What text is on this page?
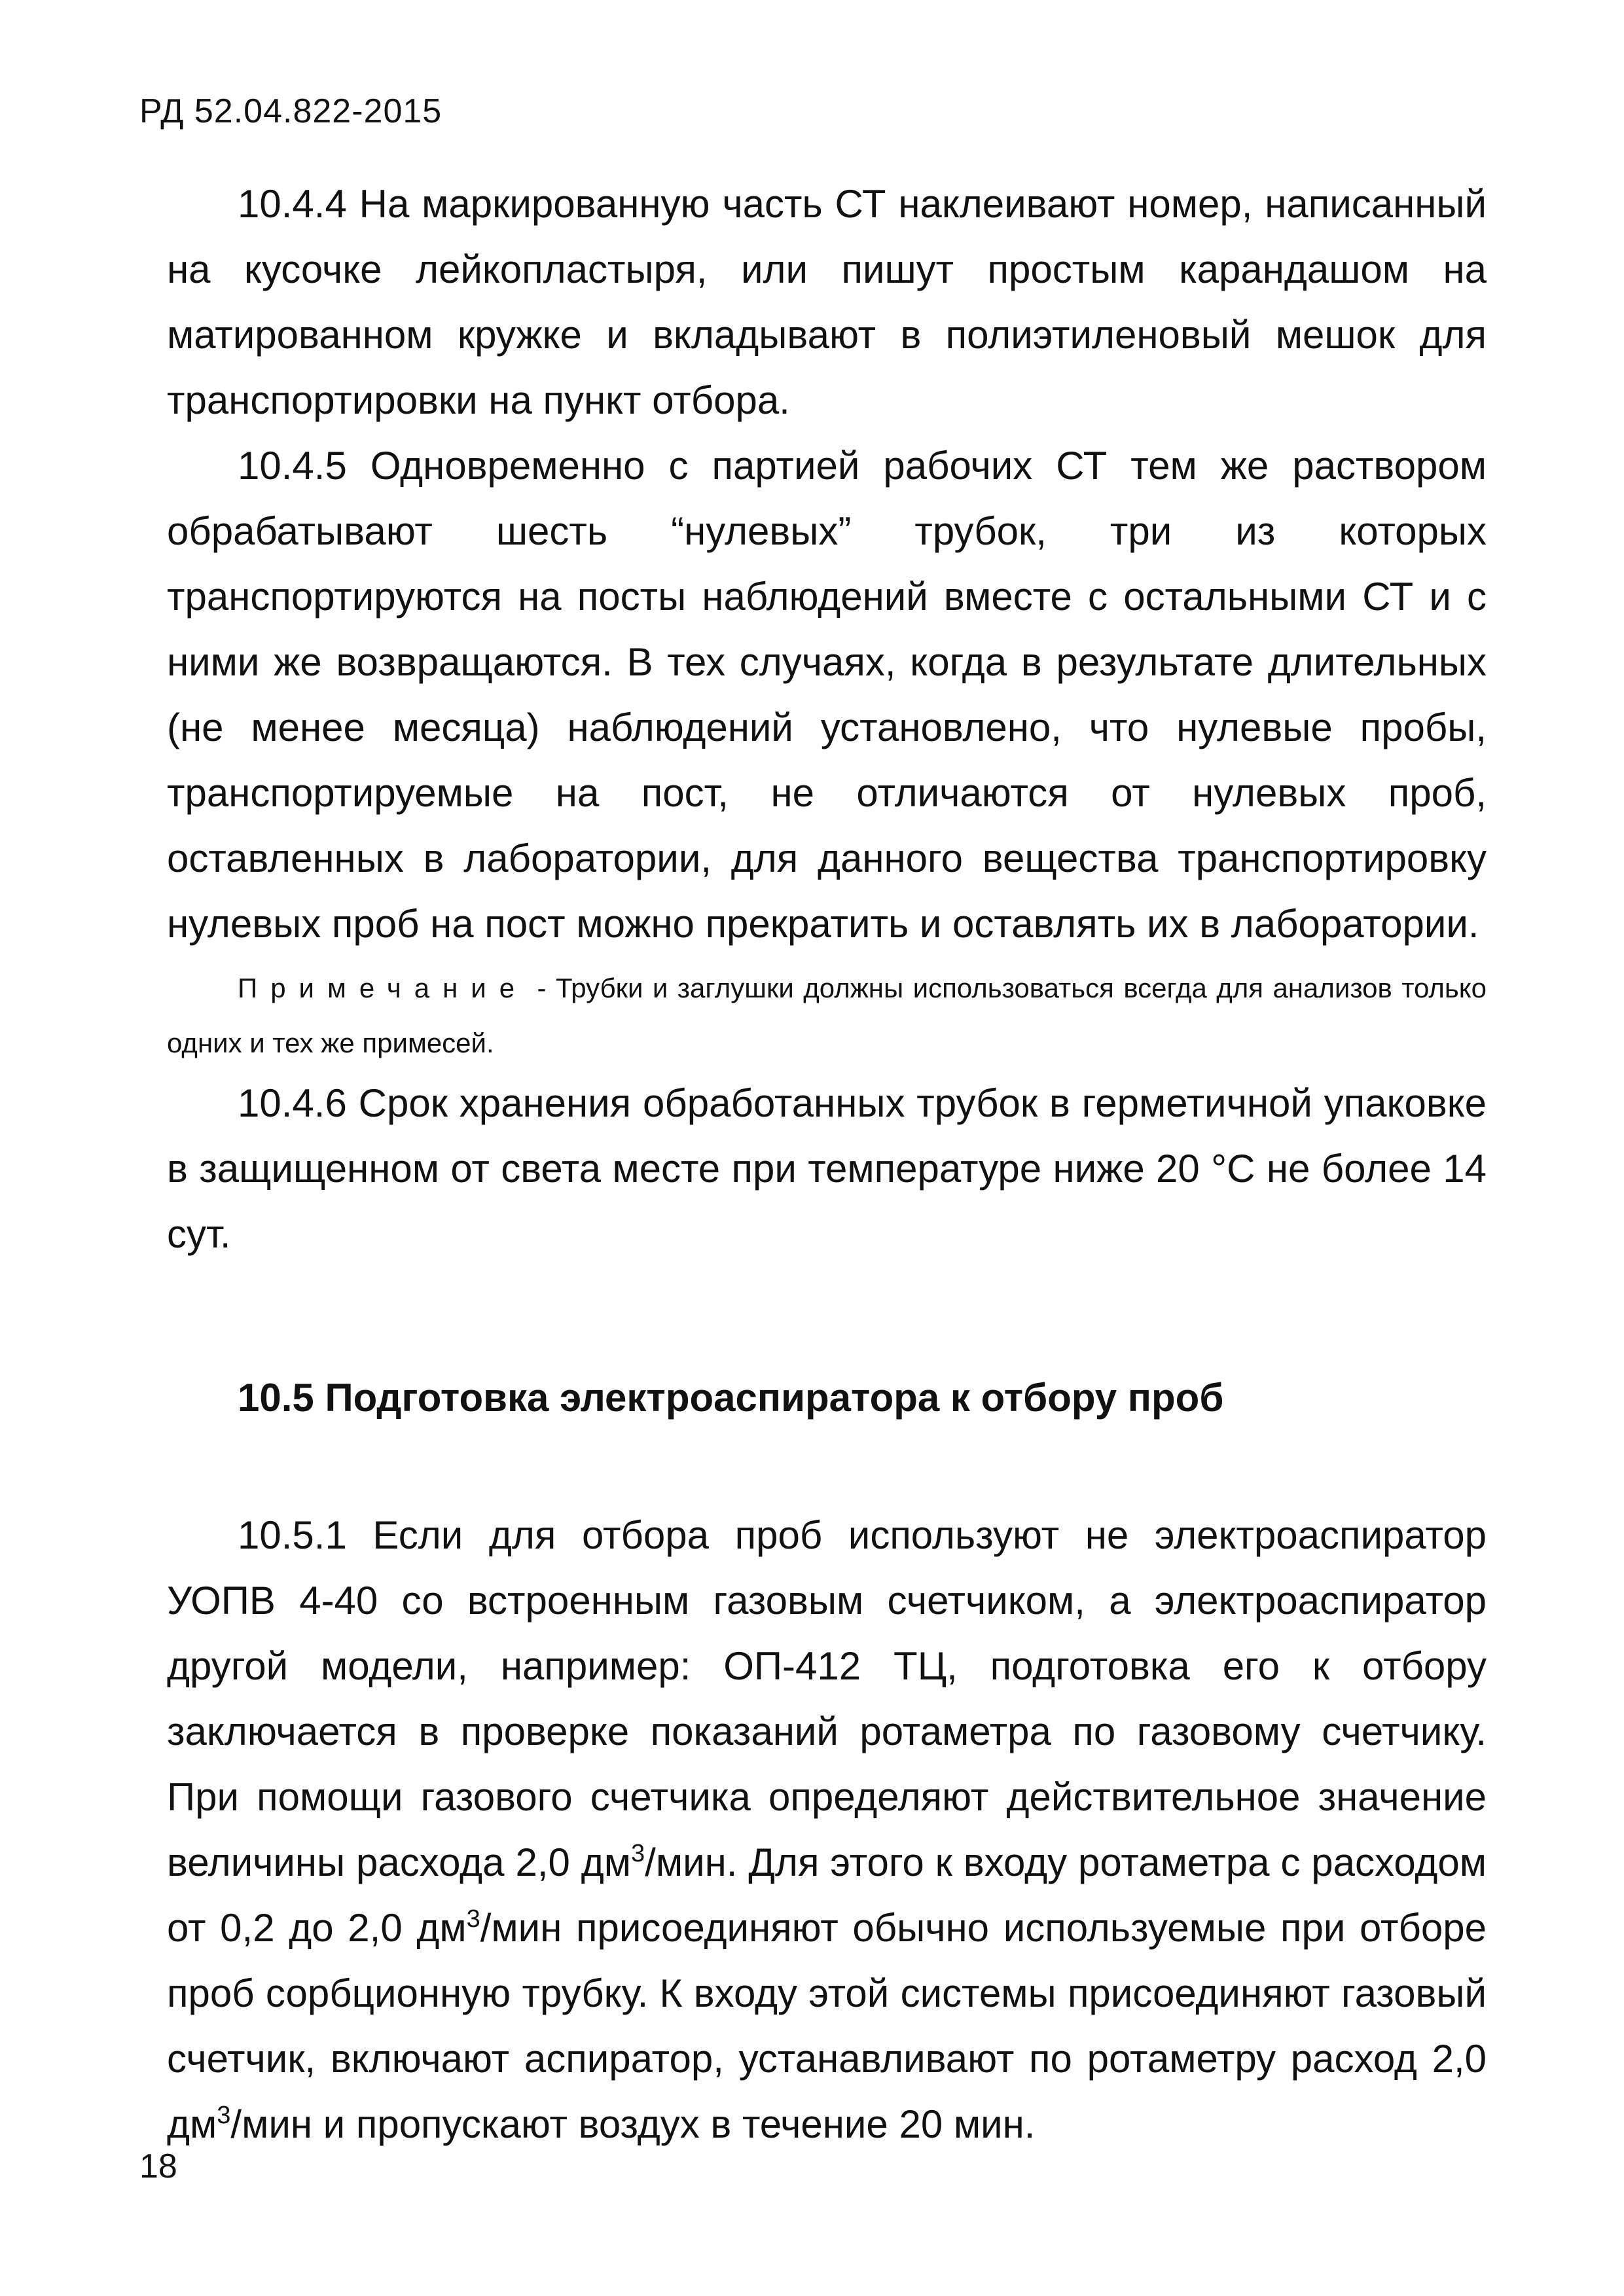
РД 52.04.822-2015

10.4.4 На маркированную часть СТ наклеивают номер, написанный на кусочке лейкопластыря, или пишут простым карандашом на матированном кружке и вкладывают в полиэтиленовый мешок для транспортировки на пункт отбора.

10.4.5 Одновременно с партией рабочих СТ тем же раствором обрабатывают шесть “нулевых” трубок, три из которых транспортируются на посты наблюдений вместе с остальными СТ и с ними же возвращаются. В тех случаях, когда в результате длительных (не менее месяца) наблюдений установлено, что нулевые пробы, транспортируемые на пост, не отличаются от нулевых проб, оставленных в лаборатории, для данного вещества транспортировку нулевых проб на пост можно прекратить и оставлять их в лаборатории.

Примечание - Трубки и заглушки должны использоваться всегда для анализов только одних и тех же примесей.

10.4.6 Срок хранения обработанных трубок в герметичной упаковке в защищенном от света месте при температуре ниже 20 °С не более 14 сут.

10.5 Подготовка электроаспиратора к отбору проб

10.5.1 Если для отбора проб используют не электроаспиратор УОПВ 4-40 со встроенным газовым счетчиком, а электроаспиратор другой модели, например: ОП-412 ТЦ, подготовка его к отбору заключается в проверке показаний ротаметра по газовому счетчику. При помощи газового счетчика определяют действительное значение величины расхода 2,0 $дм^3$/мин. Для этого к входу ротаметра с расходом от 0,2 до 2,0 $дм^3$/мин присоединяют обычно используемые при отборе проб сорбционную трубку. К входу этой системы присоединяют газовый счетчик, включают аспиратор, устанавливают по ротаметру расход 2,0 $дм^3$/мин и пропускают воздух в течение 20 мин.

18
